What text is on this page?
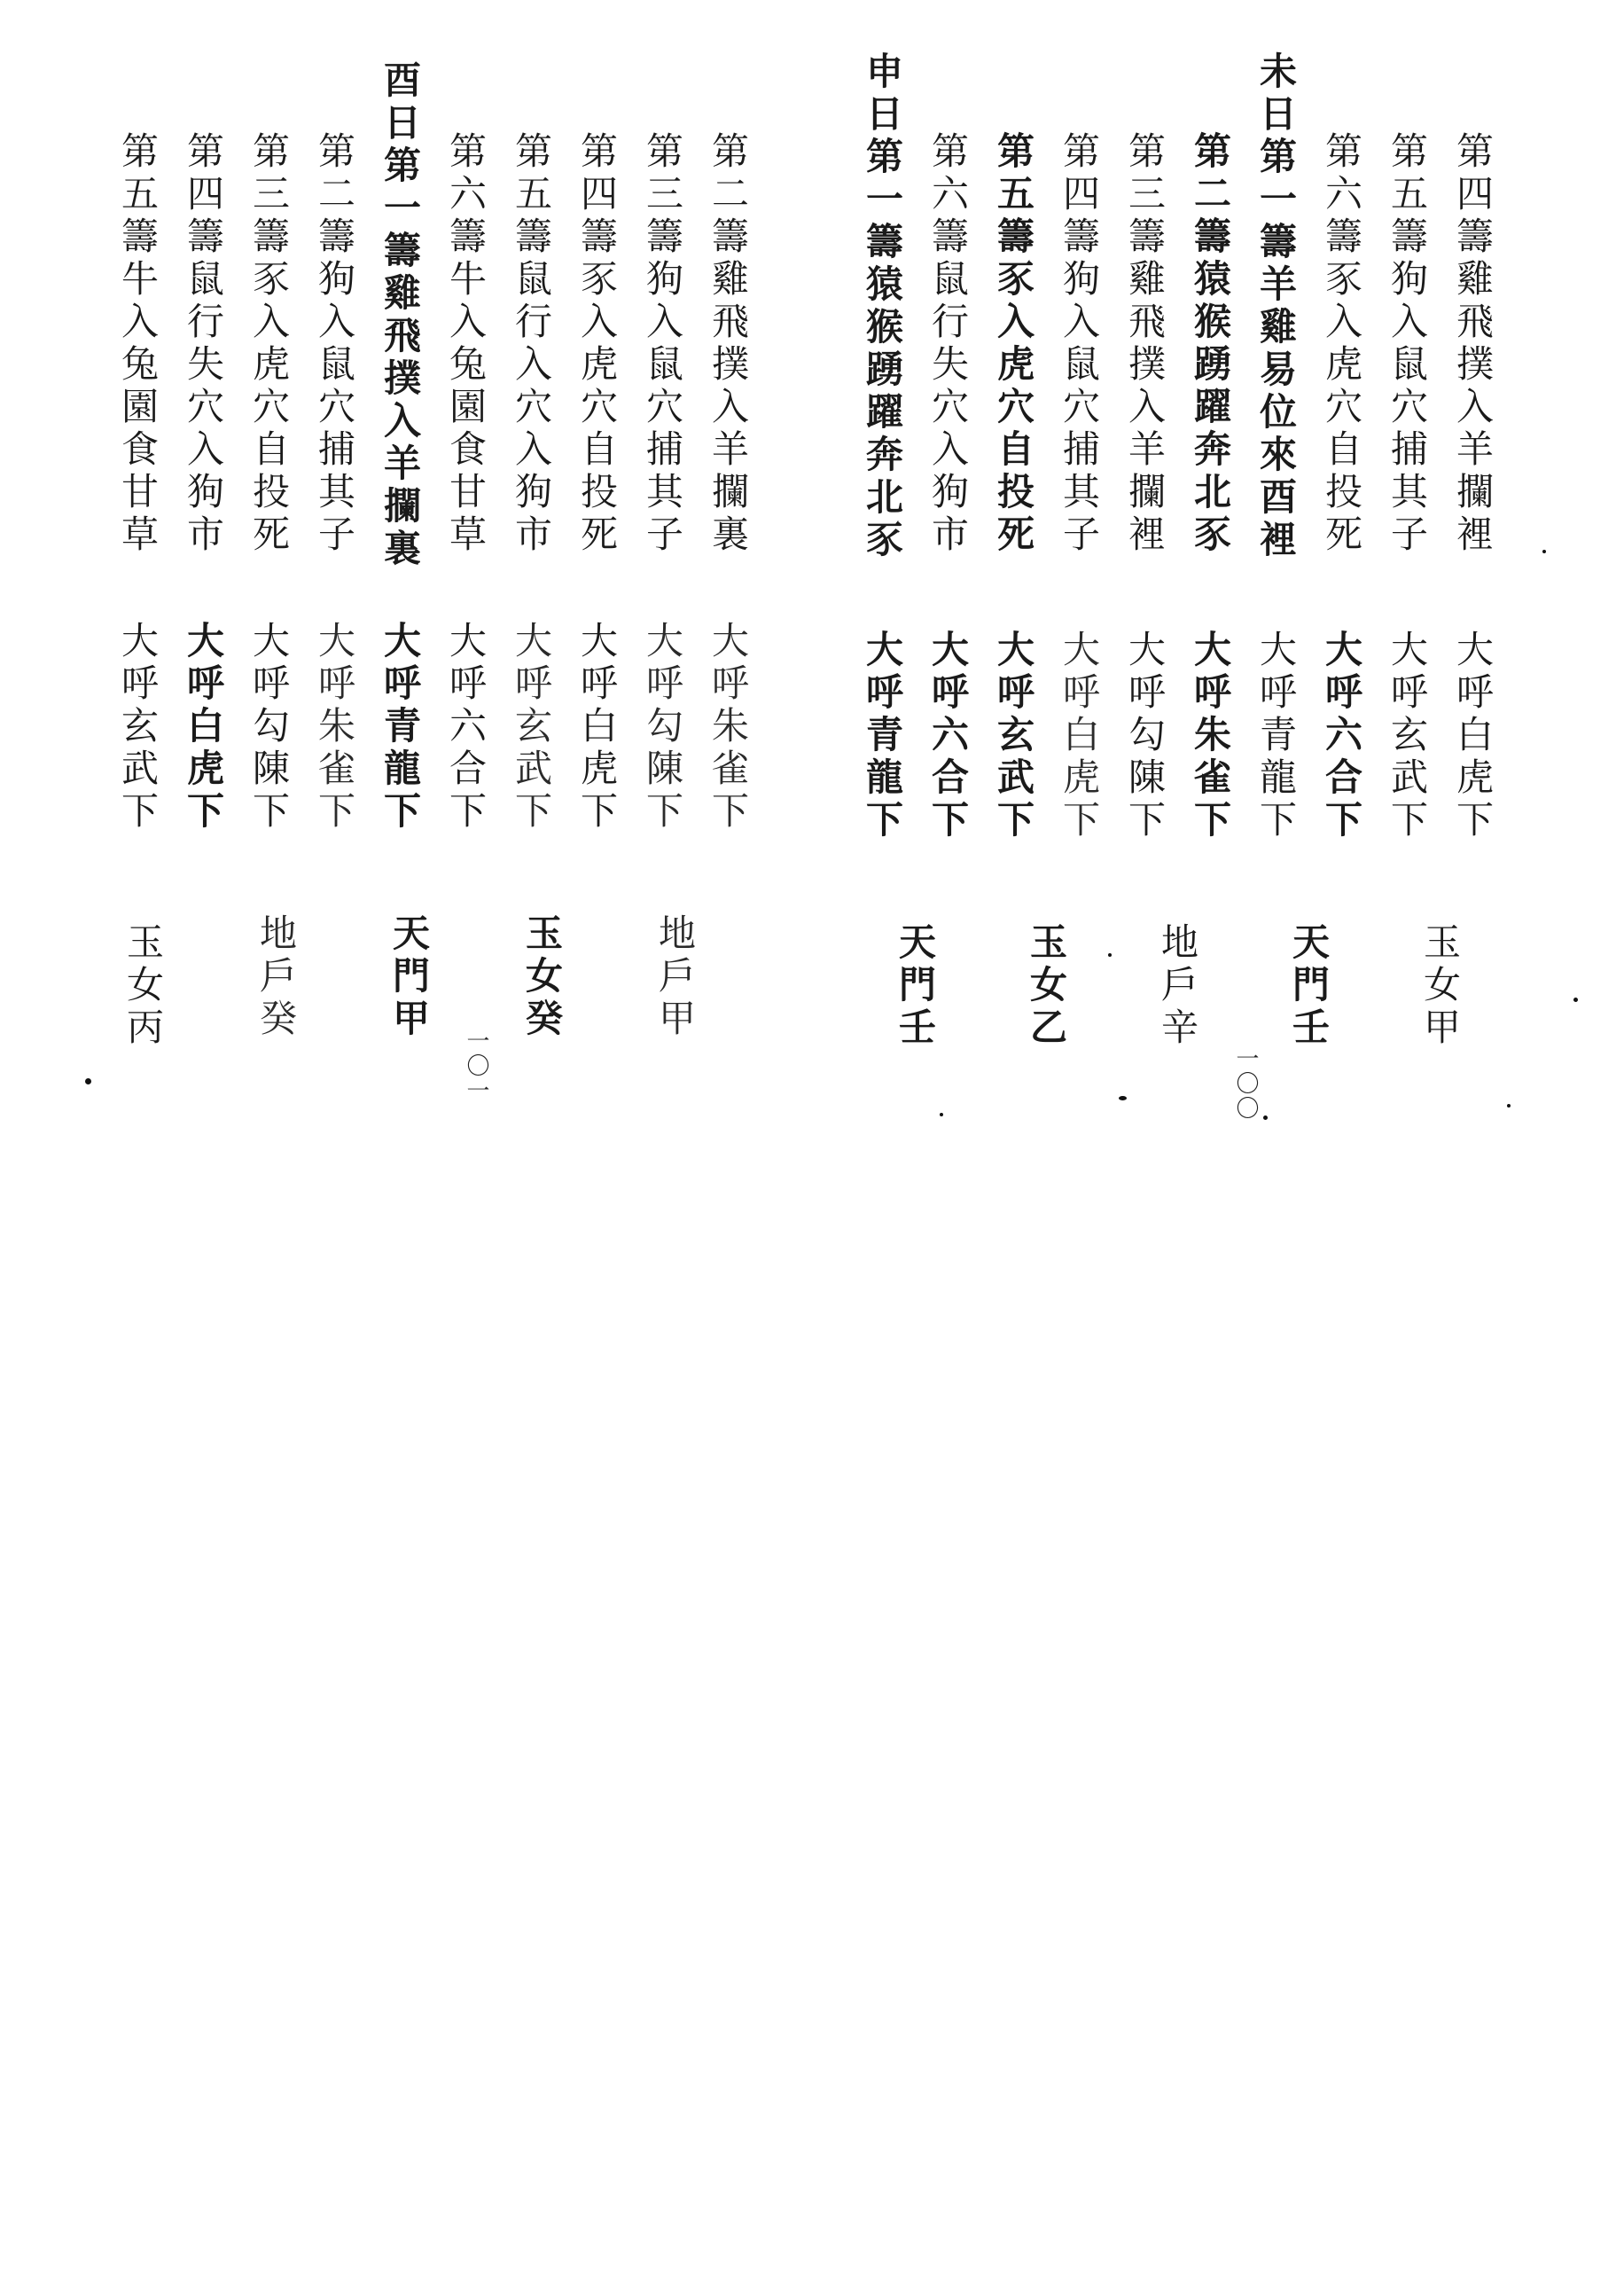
第四籌雞飛撲入羊攔裡
第五籌狗入鼠穴捕其子
第六籌豕入虎穴自投死
未日第一籌羊雞易位來酉裡
第二籌猿猴踴躍奔北豕
第三籌雞飛撲入羊攔裡
第四籌狗入鼠穴捕其子
第五籌豕入虎穴自投死
第六籌鼠行失穴入狗市
申日第一籌猿猴踴躍奔北豕
大呼白虎下
大呼玄武下
大呼六合下
大呼青龍下
大呼朱雀下
大呼勾陳下
大呼白虎下
大呼玄武下
大呼六合下
大呼青龍下
玉女甲
天門壬
地戶辛
玉女乙
天門壬
一〇〇
第二籌雞飛撲入羊攔裏
第三籌狗入鼠穴捕其子
第四籌豕入虎穴自投死
第五籌鼠行入穴入狗市
第六籌牛入兔園食甘草
酉日第一籌雞飛撲入羊攔裏
第二籌狗入鼠穴捕其子
第三籌豕入虎穴自投死
第四籌鼠行失穴入狗市
第五籌牛入兔園食甘草
大呼朱雀下
大呼勾陳下
大呼白虎下
大呼玄武下
大呼六合下
大呼青龍下
大呼朱雀下
大呼勾陳下
大呼白虎下
大呼玄武下
地戶甲
玉女癸
天門甲
地戶癸
玉女丙
一〇一
